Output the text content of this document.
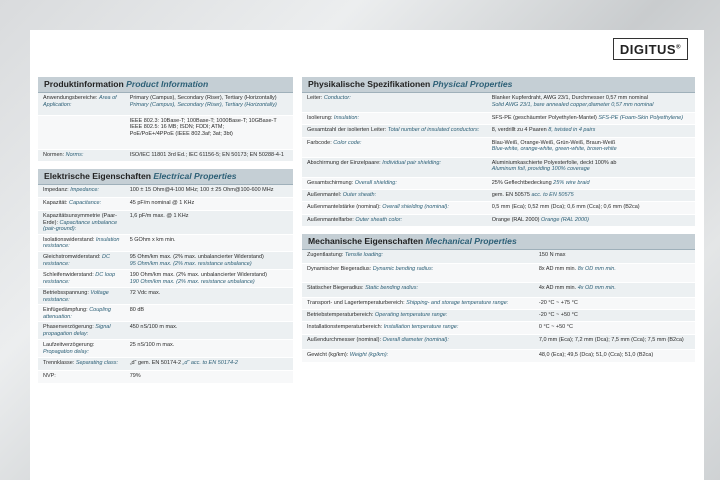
DIGITUS®
Produktinformation Product Information
Anwendungsbereiche: Area of Application:	Primary (Campus), Secondary (Riser), Tertiary (Horizontally)
Primary (Campus), Secondary (Riser), Tertiary (Horizontally)

	IEEE 802.3: 10Base-T; 100Base-T; 1000Base-T; 10GBase-T
IEEE 802.5: 16 MB; ISDN; FDDI; ATM;
PoE/PoE+/4PPoE (IEEE 802.3af; 3at; 3bt)

Normen: Norms:	ISO/IEC 11801 3rd Ed.; IEC 61156-5; EN 50173; EN 50288-4-1
Elektrische Eigenschaften Electrical Properties
Impedanz: Impedance:	100 ± 15 Ohm@4-100 MHz; 100 ± 25 Ohm@100-600 MHz

Kapazität: Capacitance:	45 pF/m nominal @ 1 KHz

Kapazitätsunsymmetrie (Paar-Erde): Capacitance unbalance (pair-ground):	1,6 pF/m max. @ 1 KHz

Isolationswiderstand: Insulation resistance:	5 GOhm x km min.

Gleichstromwiderstand: DC resistance:	95 Ohm/km max. (2% max. unbalancierter Widerstand)
95 Ohm/km max. (2% max. resistance unbalance)

Schleifenwiderstand: DC loop resistance:	190 Ohm/km max. (2% max. unbalancierter Widerstand)
190 Ohm/km max. (2% max. resistance unbalance)

Betriebsspannung: Voltage resistance:	72 Vdc max.

Einfügedämpfung: Coupling attenuation:	80 dB

Phasenverzögerung: Signal propagation delay:	450 nS/100 m max.

Laufzeitverzögerung: Propagation delay:	25 nS/100 m max.

Trennklasse: Separating class:	„d“ gem. EN 50174-2 „d“ acc. to EN 50174-2

NVP:	79%
Physikalische Spezifikationen Physical Properties
Leiter: Conductor:	Blanker Kupferdraht, AWG 23/1, Durchmesser 0,57 mm nominal
Solid AWG 23/1, bare annealed copper,diameter 0,57 mm nominal

Isolierung: Insulation:	SFS-PE (geschäumter Polyethylen-Mantel) SFS-PE (Foam-Skin Polyethylene)

Gesamtzahl der isolierten Leiter: Total number of insulated conductors:	8, verdrillt zu 4 Paaren 8, twisted in 4 pairs

Farbcode: Color code:	Blau-Weiß, Orange-Weiß, Grün-Weiß, Braun-Weiß
Blue-white, orange-white, green-white, brown-white

Abschirmung der Einzelpaare: Individual pair shielding:	Aluminiumkaschierte Polyesterfolie, deckt 100% ab
Aluminum foil, providing 100% coverage

Gesamtschirmung: Overall shielding:	25% Geflechtbedeckung 25% wire braid

Außenmantel: Outer sheath:	gem. EN 50575 acc. to EN 50575

Außenmantelstärke (nominal): Overall shielding (nominal):	0,5 mm (Eca); 0,52 mm (Dca); 0,6 mm (Cca); 0,6 mm (B2ca)

Außenmantelfarbe: Outer sheath color:	Orange (RAL 2000) Orange (RAL 2000)
Mechanische Eigenschaften Mechanical Properties
Zugentlastung: Tensile loading:	150 N max

Dynamischer Biegeradius: Dynamic bending radius:	8x AD mm min. 8x OD mm min.

Statischer Biegeradius: Static bending radius:	4x AD mm min. 4x OD mm min.

Transport- und Lagertemperaturbereich: Shipping- and storage temperature range:	-20 °C ~ +75 °C

Betriebstemperaturbereich: Operating temperature range:	-20 °C ~ +50 °C

Installationstemperaturbereich: Installation temperature range:	0 °C ~ +50 °C

Außendurchmesser (nominal): Overall diameter (nominal):	7,0 mm (Eca); 7,2 mm (Dca); 7,5 mm (Cca); 7,5 mm (B2ca)

Gewicht (kg/km): Weight (kg/km):	48,0 (Eca); 49,5 (Dca); 51,0 (Cca); 51,0 (B2ca)
